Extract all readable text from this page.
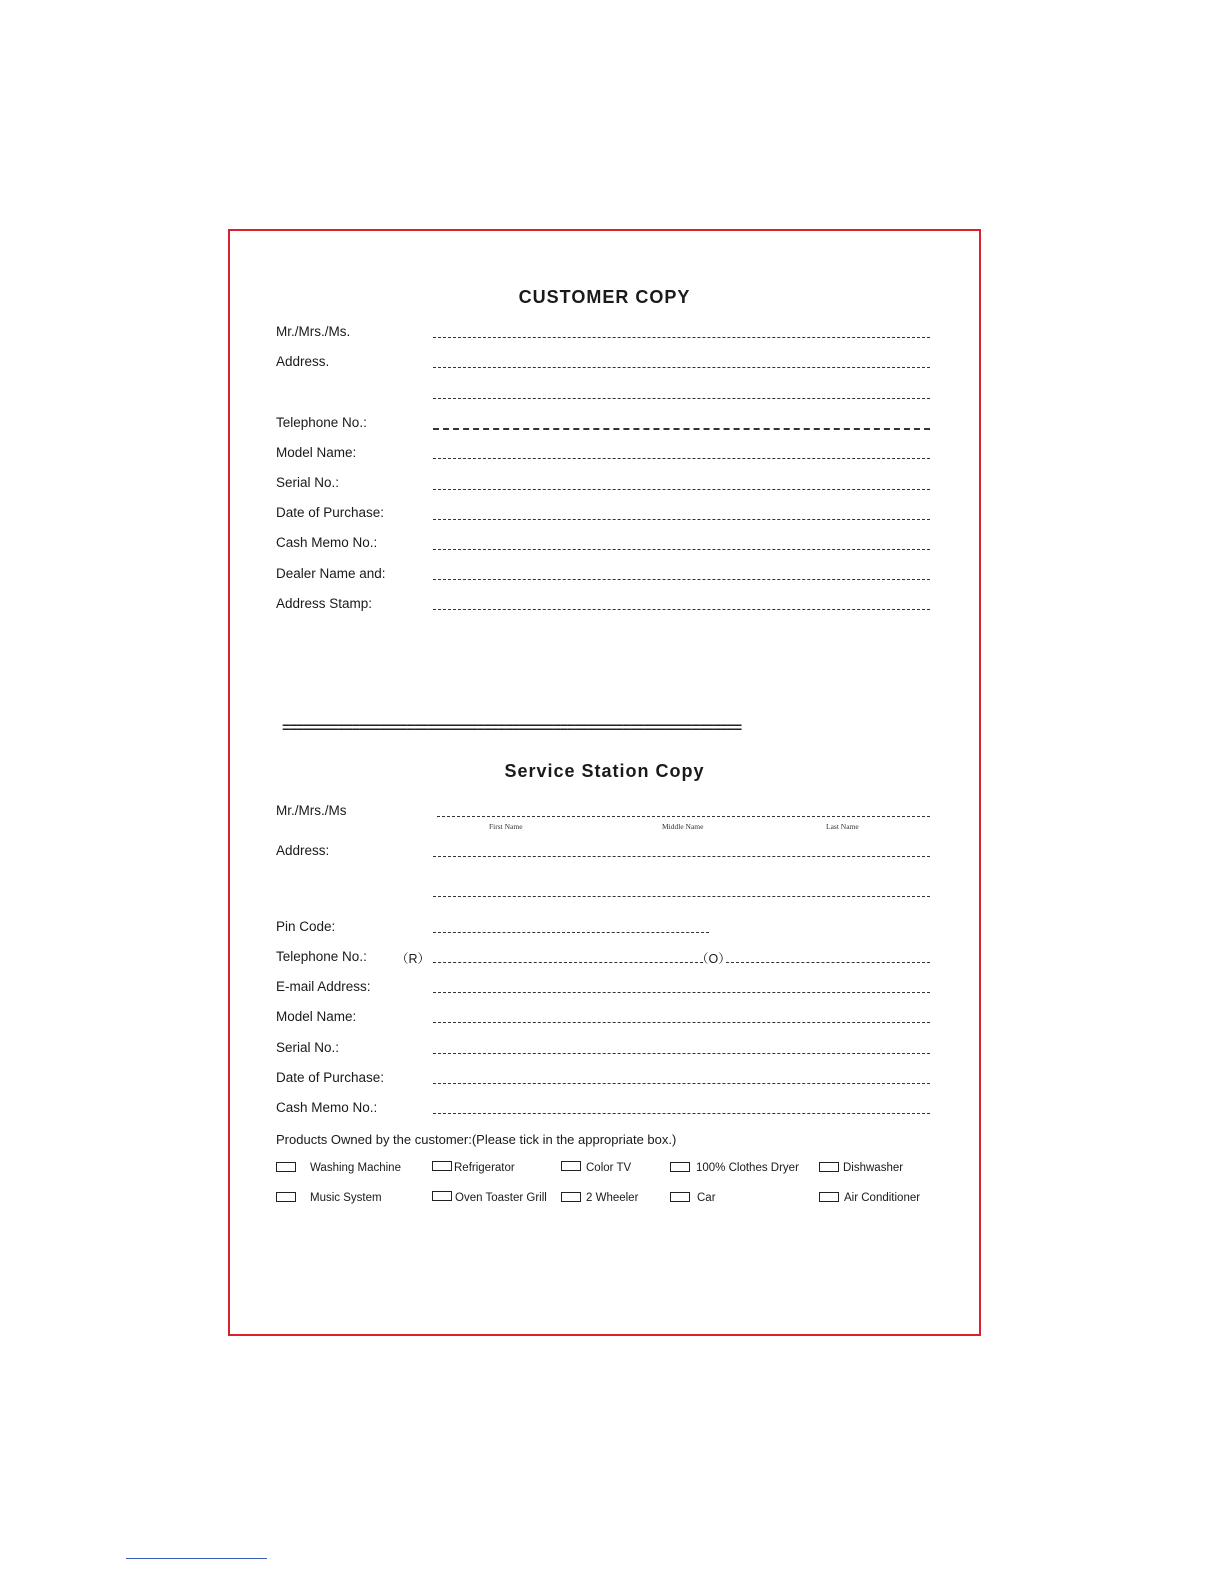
CUSTOMER COPY
Mr./Mrs./Ms.
Address.
Telephone No.:
Model Name:
Serial No.:
Date of Purchase:
Cash Memo No.:
Dealer Name and:
Address Stamp:
==================================================================
Service Station Copy
Mr./Mrs./Ms
First Name	Middle Name	Last Name
Address:
Pin Code:
Telephone No.: （R）	（O）
E-mail Address:
Model Name:
Serial No.:
Date of Purchase:
Cash Memo No.:
Products Owned by the customer:(Please tick in the appropriate box.)
Washing Machine	Refrigerator	Color TV	100% Clothes Dryer	Dishwasher
Music System	Oven Toaster Grill	2 Wheeler	Car	Air Conditioner
